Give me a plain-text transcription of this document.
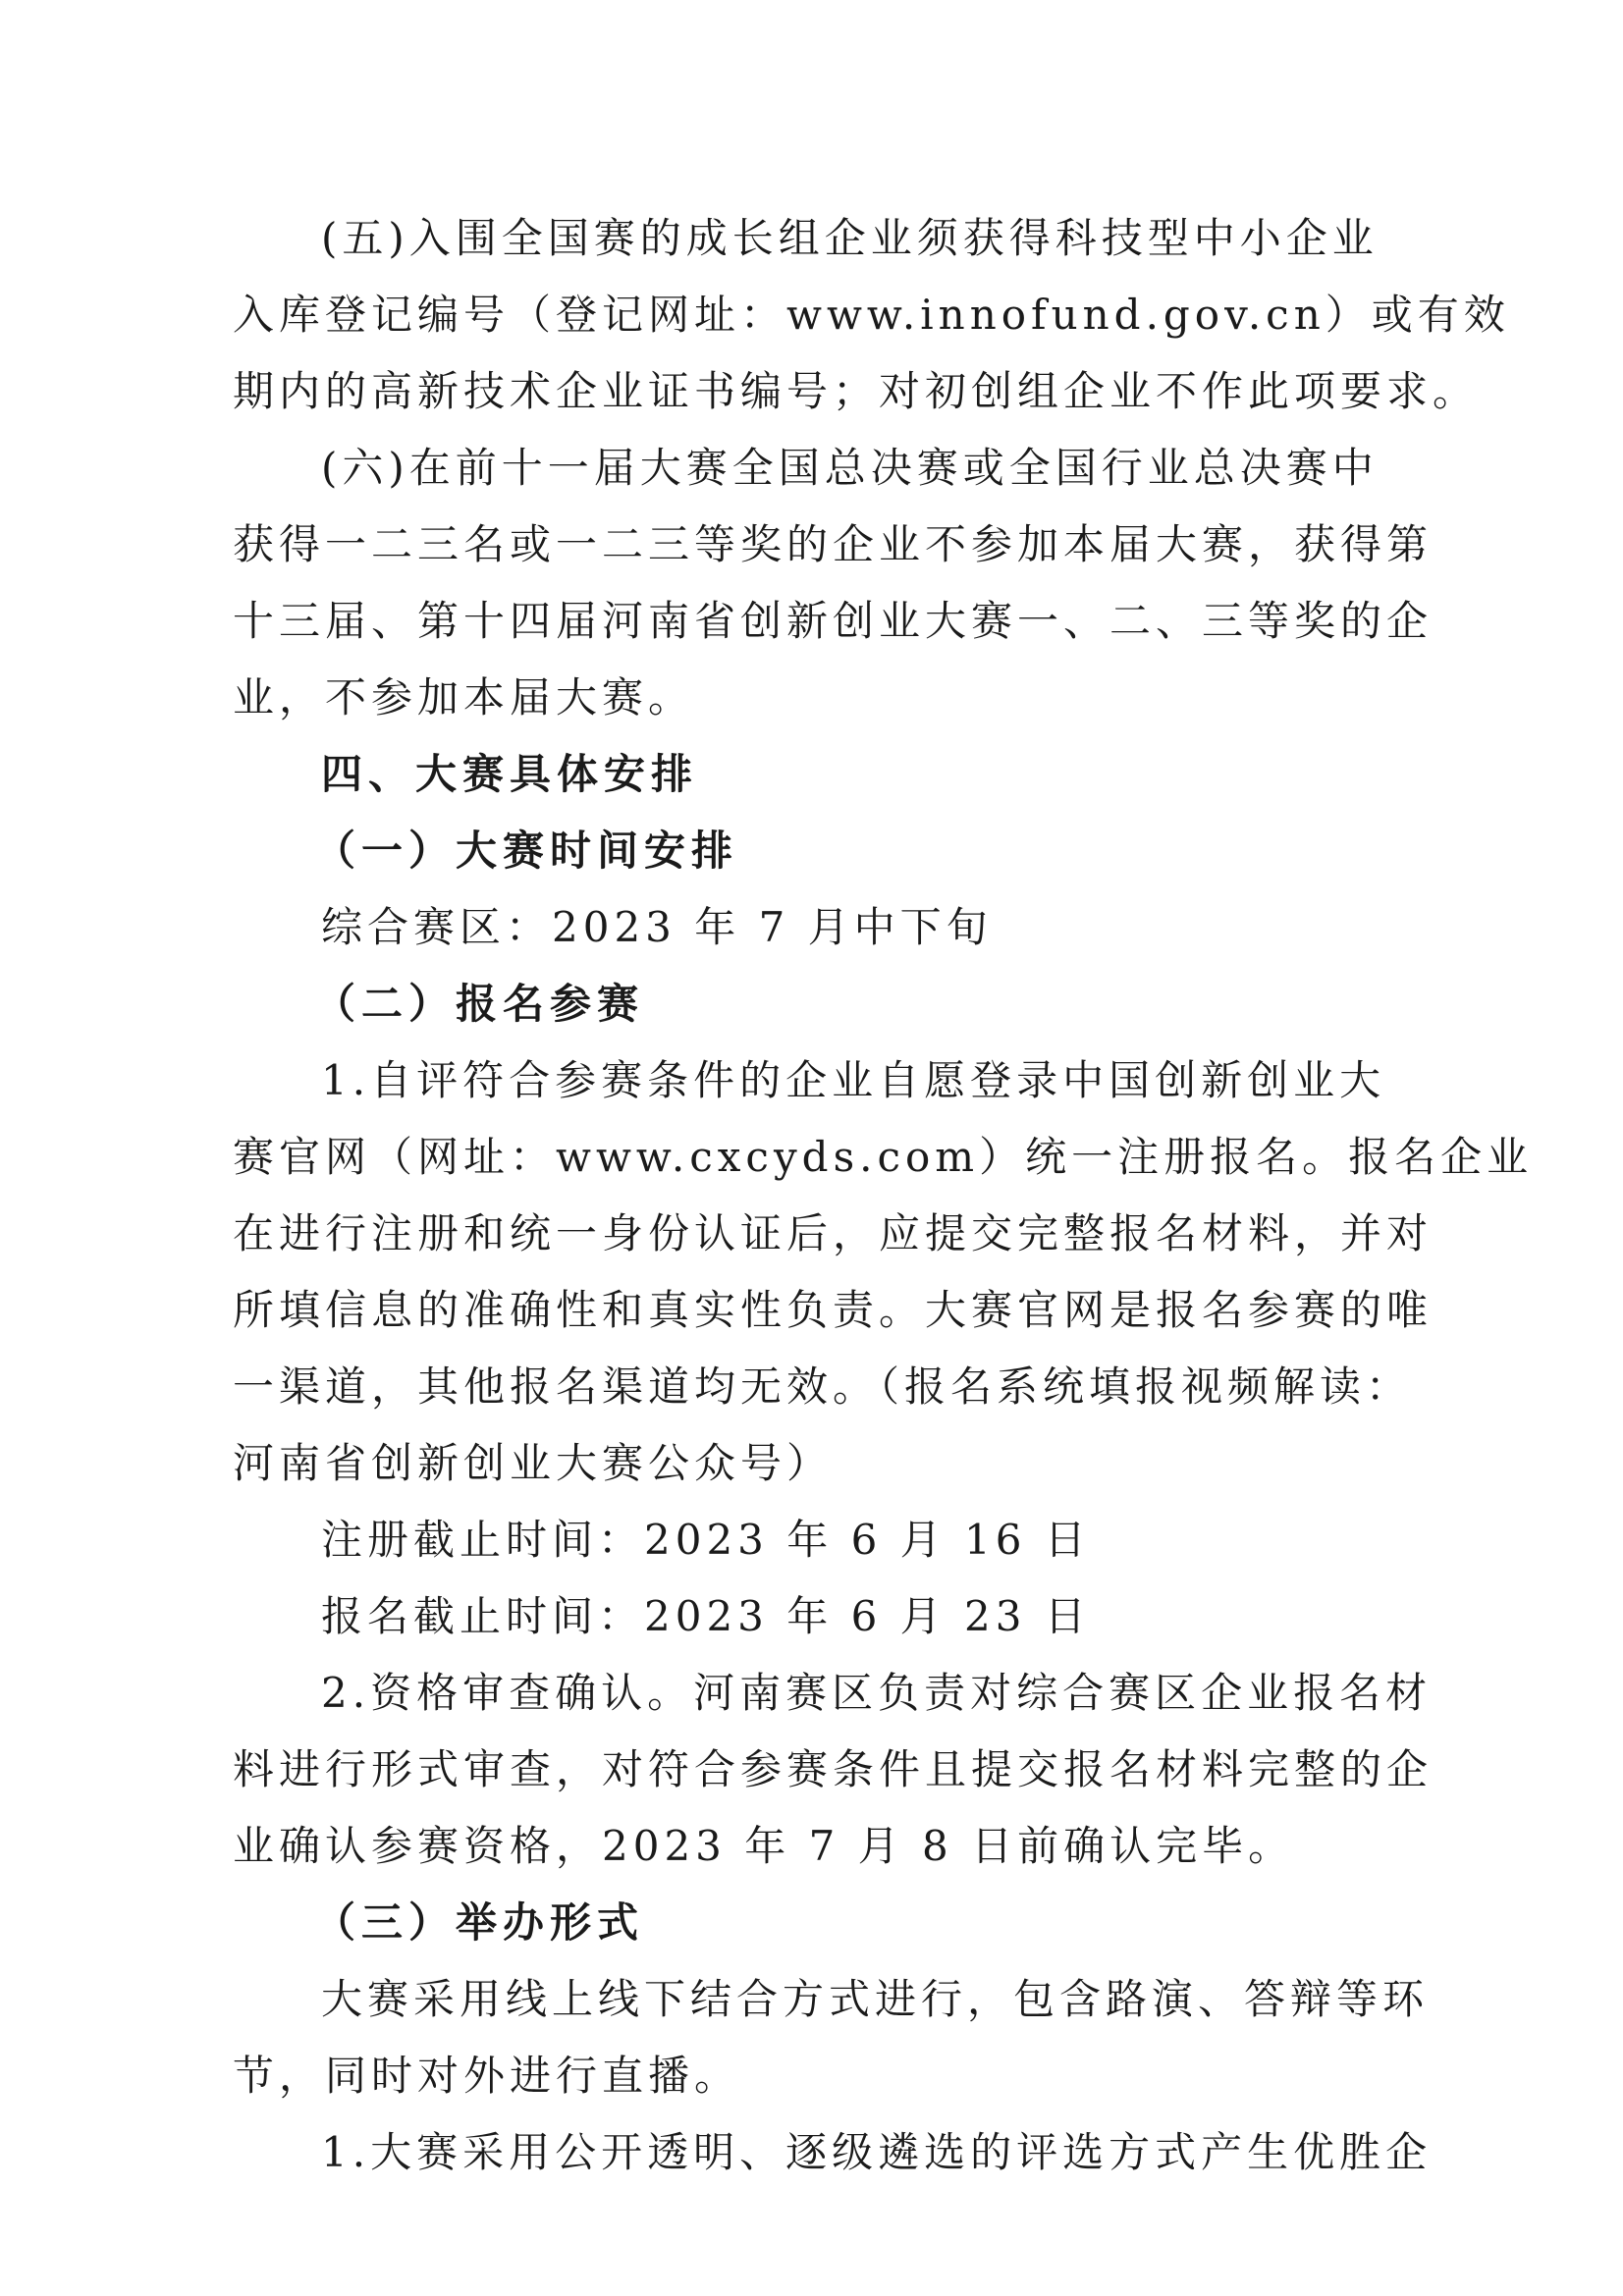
(五)入围全国赛的成长组企业须获得科技型中小企业
入库登记编号（登记网址：www.innofund.gov.cn）或有效
期内的高新技术企业证书编号；对初创组企业不作此项要求。
(六)在前十一届大赛全国总决赛或全国行业总决赛中
获得一二三名或一二三等奖的企业不参加本届大赛，获得第
十三届、第十四届河南省创新创业大赛一、二、三等奖的企
业，不参加本届大赛。
四、大赛具体安排
（一）大赛时间安排
综合赛区：2023 年 7 月中下旬
（二）报名参赛
1.自评符合参赛条件的企业自愿登录中国创新创业大
赛官网（网址：www.cxcyds.com）统一注册报名。报名企业
在进行注册和统一身份认证后，应提交完整报名材料，并对
所填信息的准确性和真实性负责。大赛官网是报名参赛的唯
一渠道，其他报名渠道均无效。（报名系统填报视频解读：
河南省创新创业大赛公众号）
注册截止时间：2023 年 6 月 16 日
报名截止时间：2023 年 6 月 23 日
2.资格审查确认。河南赛区负责对综合赛区企业报名材
料进行形式审查，对符合参赛条件且提交报名材料完整的企
业确认参赛资格，2023 年 7 月 8 日前确认完毕。
（三）举办形式
大赛采用线上线下结合方式进行，包含路演、答辩等环
节，同时对外进行直播。
1.大赛采用公开透明、逐级遴选的评选方式产生优胜企
